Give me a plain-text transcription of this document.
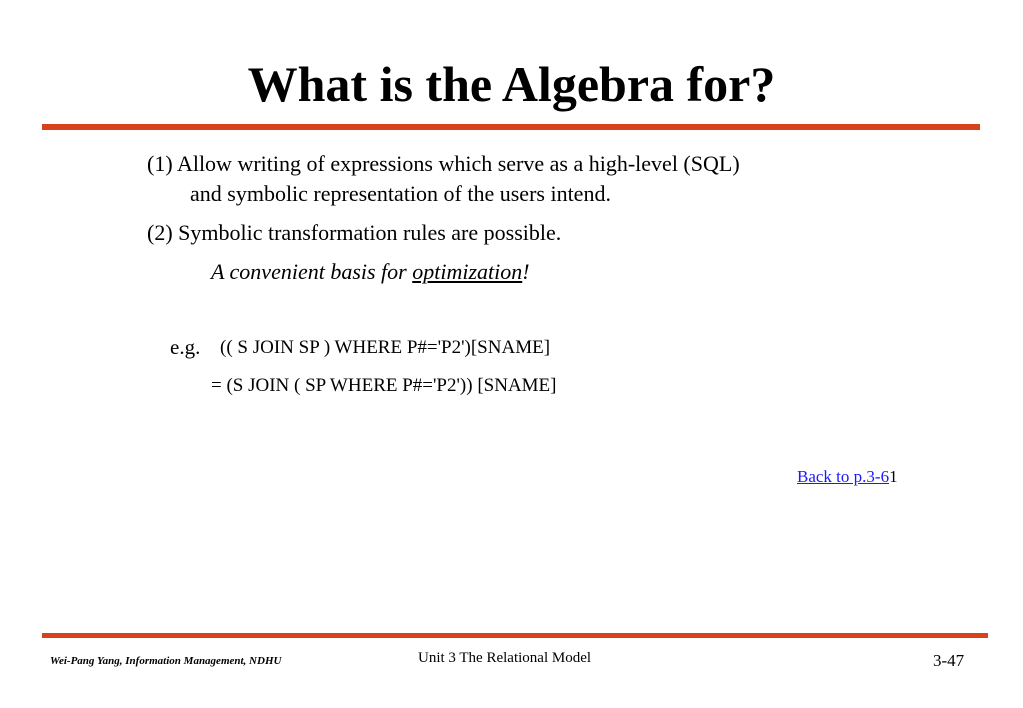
What is the Algebra for?
(1) Allow writing of expressions which serve as a high-level (SQL)
and symbolic representation of the users intend.
(2) Symbolic transformation rules are possible.
A convenient basis for optimization!
e.g. (( S JOIN SP ) WHERE P#='P2')[SNAME]
= (S JOIN ( SP WHERE P#='P2')) [SNAME]
Back to p.3-61
Wei-Pang Yang, Information Management, NDHU	Unit 3 The Relational Model	3-47
